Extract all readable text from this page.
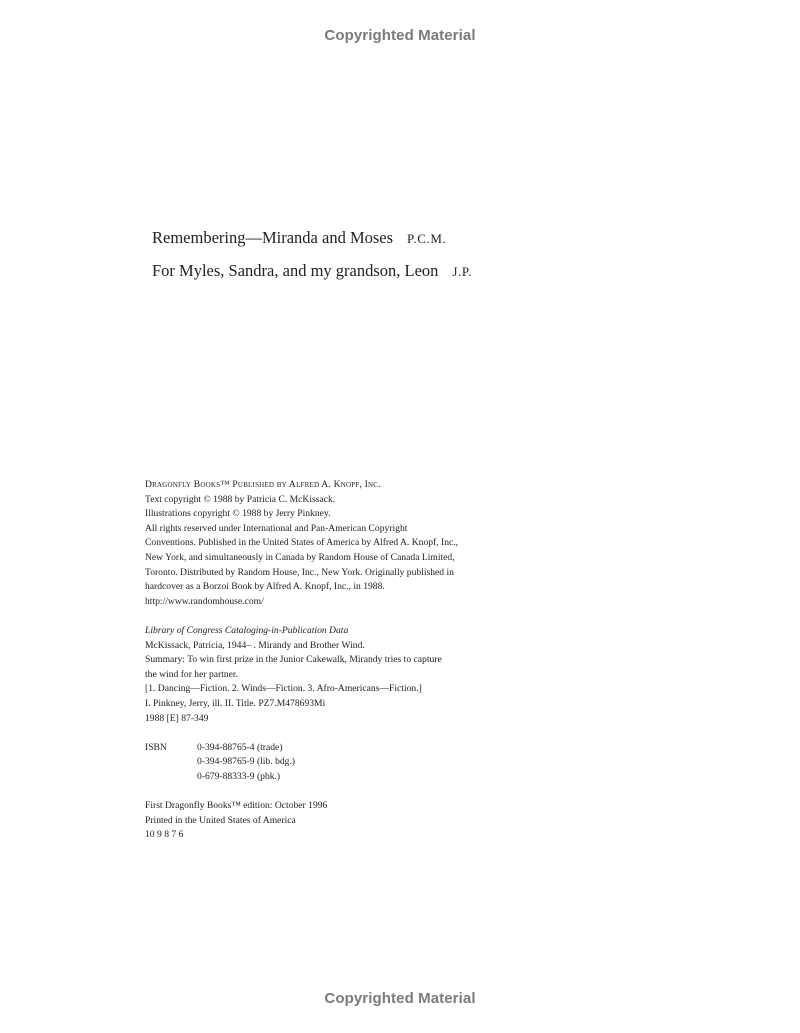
Copyrighted Material
Remembering—Miranda and Moses P.C.M.
For Myles, Sandra, and my grandson, Leon J.P.
Dragonfly Books™ Published by Alfred A. Knopf, Inc.
Text copyright © 1988 by Patricia C. McKissack.
Illustrations copyright © 1988 by Jerry Pinkney.
All rights reserved under International and Pan-American Copyright
Conventions. Published in the United States of America by Alfred A. Knopf, Inc.,
New York, and simultaneously in Canada by Random House of Canada Limited,
Toronto. Distributed by Random House, Inc., New York. Originally published in
hardcover as a Borzoi Book by Alfred A. Knopf, Inc., in 1988.
http://www.randomhouse.com/
Library of Congress Cataloging-in-Publication Data
McKissack, Patricia, 1944– . Mirandy and Brother Wind.
Summary: To win first prize in the Junior Cakewalk, Mirandy tries to capture
the wind for her partner.
[1. Dancing—Fiction. 2. Winds—Fiction. 3. Afro-Americans—Fiction.]
I. Pinkney, Jerry, ill. II. Title. PZ7.M478693Mi
1988 [E] 87-349
ISBN	0-394-88765-4 (trade)
0-394-98765-9 (lib. bdg.)
0-679-88333-9 (pbk.)
First Dragonfly Books™ edition: October 1996
Printed in the United States of America
10 9 8 7 6
Copyrighted Material
